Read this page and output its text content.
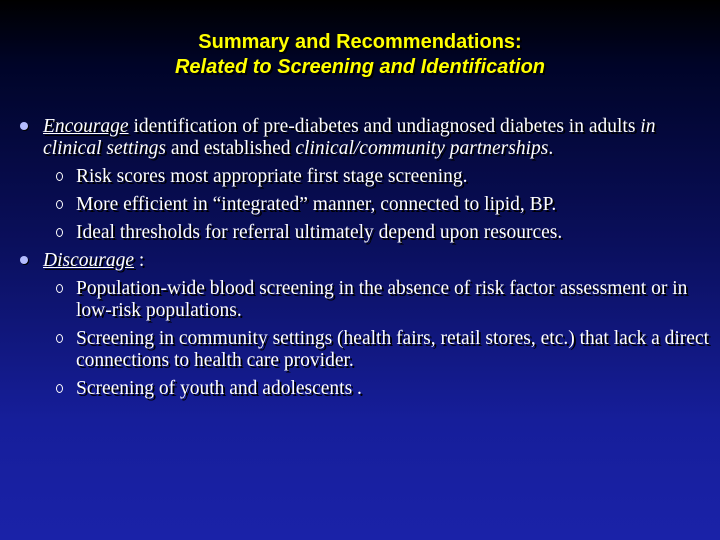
Summary and Recommendations:
Related to Screening and Identification
Encourage identification of pre-diabetes and undiagnosed diabetes in adults in clinical settings and established clinical/community partnerships.
Risk scores most appropriate first stage screening.
More efficient in “integrated” manner, connected to lipid, BP.
Ideal thresholds for referral ultimately depend upon resources.
Discourage :
Population-wide blood screening in the absence of risk factor assessment or in low-risk populations.
Screening in community settings (health fairs, retail stores, etc.) that lack a direct connections to health care provider.
Screening of youth and adolescents .
